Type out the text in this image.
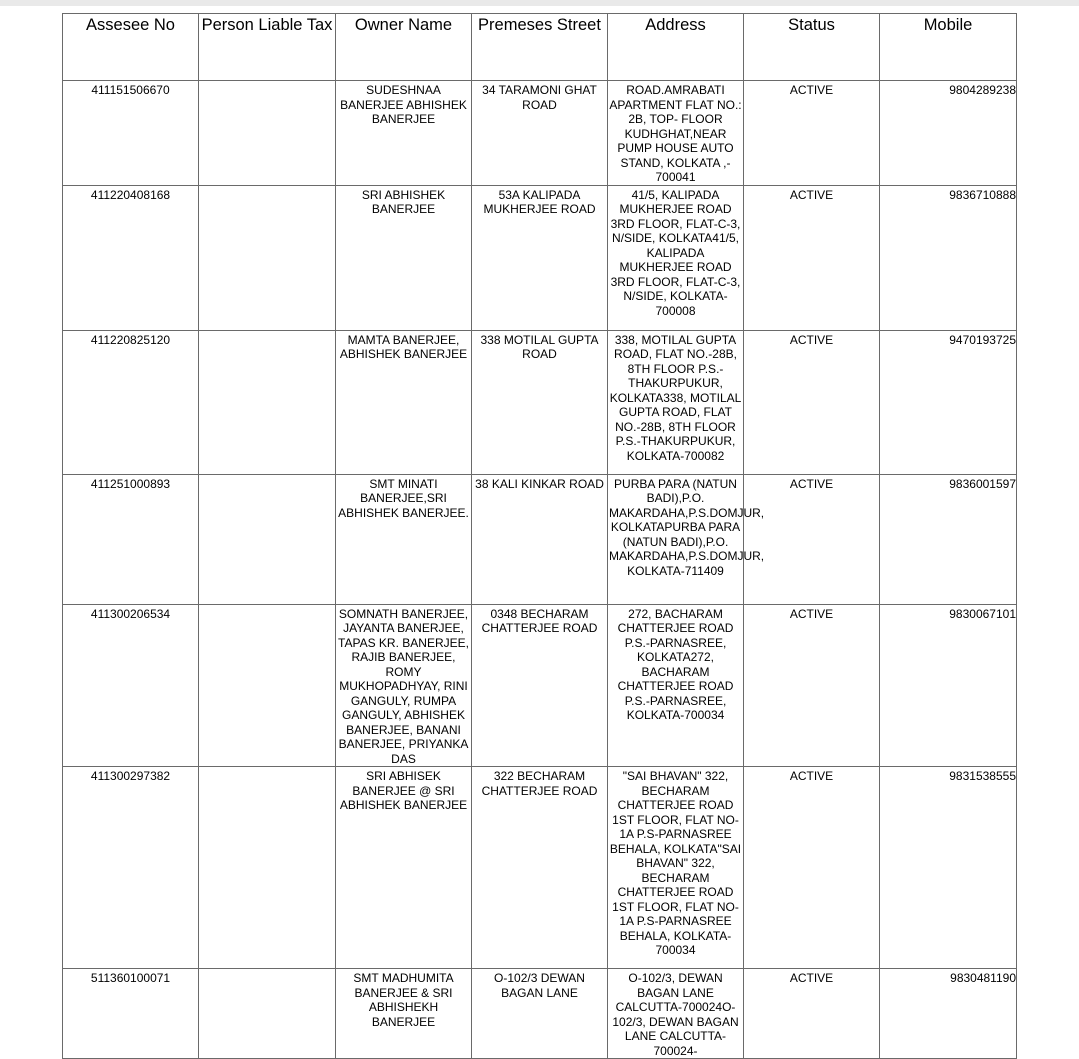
Assesee No	Person Liable Tax	Owner Name	Premeses Street	Address	Status	Mobile
411151506670		SUDESHNAA BANERJEE ABHISHEK BANERJEE	34 TARAMONI GHAT ROAD	ROAD.AMRABATI APARTMENT FLAT NO.: 2B, TOP- FLOOR KUDHGHAT,NEAR PUMP HOUSE AUTO STAND, KOLKATA ,- 700041	ACTIVE	9804289238
411220408168		SRI ABHISHEK BANERJEE	53A KALIPADA MUKHERJEE ROAD	41/5, KALIPADA MUKHERJEE ROAD 3RD FLOOR, FLAT-C-3, N/SIDE, KOLKATA41/5, KALIPADA MUKHERJEE ROAD 3RD FLOOR, FLAT-C-3, N/SIDE, KOLKATA-700008	ACTIVE	9836710888
411220825120		MAMTA BANERJEE, ABHISHEK BANERJEE	338 MOTILAL GUPTA ROAD	338, MOTILAL GUPTA ROAD, FLAT NO.-28B, 8TH FLOOR P.S.-THAKURPUKUR, KOLKATA338, MOTILAL GUPTA ROAD, FLAT NO.-28B, 8TH FLOOR P.S.-THAKURPUKUR, KOLKATA-700082	ACTIVE	9470193725
411251000893		SMT MINATI BANERJEE,SRI ABHISHEK BANERJEE.	38 KALI KINKAR ROAD	PURBA PARA (NATUN BADI),P.O. MAKARDAHA,P.S.DOMJUR, KOLKATAPURBA PARA (NATUN BADI),P.O. MAKARDAHA,P.S.DOMJUR, KOLKATA-711409	ACTIVE	9836001597
411300206534		SOMNATH BANERJEE, JAYANTA BANERJEE, TAPAS KR. BANERJEE, RAJIB BANERJEE, ROMY MUKHOPADHYAY, RINI GANGULY, RUMPA GANGULY, ABHISHEK BANERJEE, BANANI BANERJEE, PRIYANKA DAS	0348 BECHARAM CHATTERJEE ROAD	272, BACHARAM CHATTERJEE ROAD P.S.-PARNASREE, KOLKATA272, BACHARAM CHATTERJEE ROAD P.S.-PARNASREE, KOLKATA-700034	ACTIVE	9830067101
411300297382		SRI ABHISEK BANERJEE @ SRI ABHISHEK BANERJEE	322 BECHARAM CHATTERJEE ROAD	"SAI BHAVAN" 322, BECHARAM CHATTERJEE ROAD 1ST FLOOR, FLAT NO-1A P.S-PARNASREE BEHALA, KOLKATA"SAI BHAVAN" 322, BECHARAM CHATTERJEE ROAD 1ST FLOOR, FLAT NO-1A P.S-PARNASREE BEHALA, KOLKATA-700034	ACTIVE	9831538555
511360100071		SMT MADHUMITA BANERJEE & SRI ABHISHEKH BANERJEE	O-102/3 DEWAN BAGAN LANE	O-102/3, DEWAN BAGAN LANE CALCUTTA-700024O-102/3, DEWAN BAGAN LANE CALCUTTA-700024-	ACTIVE	9830481190
